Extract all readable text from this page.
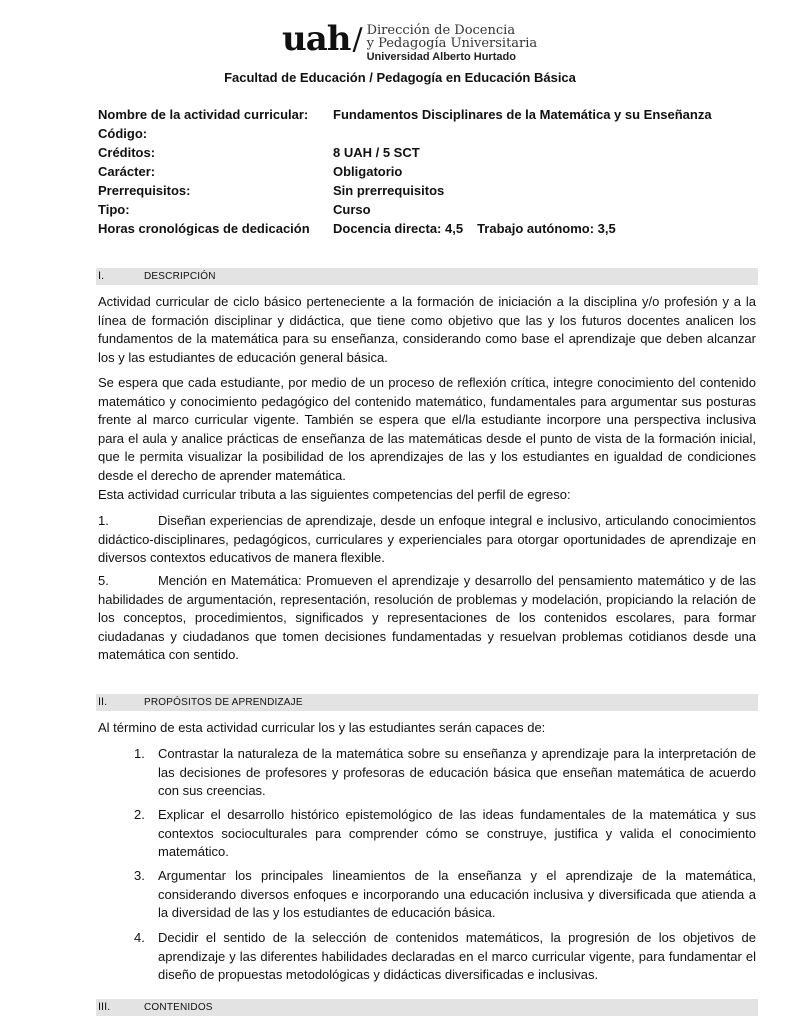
uah / Dirección de Docencia
y Pedagogía Universitaria
Universidad Alberto Hurtado
Facultad de Educación / Pedagogía en Educación Básica
Nombre de la actividad curricular:	Fundamentos Disciplinares de la Matemática y su Enseñanza
Código:
Créditos:	8 UAH / 5 SCT
Carácter:	Obligatorio
Prerrequisitos:	Sin prerrequisitos
Tipo:	Curso
Horas cronológicas de dedicación	Docencia directa: 4,5 Trabajo autónomo: 3,5
I.	DESCRIPCIÓN
Actividad curricular de ciclo básico perteneciente a la formación de iniciación a la disciplina y/o profesión y a la línea de formación disciplinar y didáctica, que tiene como objetivo que las y los futuros docentes analicen los fundamentos de la matemática para su enseñanza, considerando como base el aprendizaje que deben alcanzar los y las estudiantes de educación general básica.
Se espera que cada estudiante, por medio de un proceso de reflexión crítica, integre conocimiento del contenido matemático y conocimiento pedagógico del contenido matemático, fundamentales para argumentar sus posturas frente al marco curricular vigente. También se espera que el/la estudiante incorpore una perspectiva inclusiva para el aula y analice prácticas de enseñanza de las matemáticas desde el punto de vista de la formación inicial, que le permita visualizar la posibilidad de los aprendizajes de las y los estudiantes en igualdad de condiciones desde el derecho de aprender matemática.
Esta actividad curricular tributa a las siguientes competencias del perfil de egreso:
1.	Diseñan experiencias de aprendizaje, desde un enfoque integral e inclusivo, articulando conocimientos didáctico-disciplinares, pedagógicos, curriculares y experienciales para otorgar oportunidades de aprendizaje en diversos contextos educativos de manera flexible.
5.	Mención en Matemática: Promueven el aprendizaje y desarrollo del pensamiento matemático y de las habilidades de argumentación, representación, resolución de problemas y modelación, propiciando la relación de los conceptos, procedimientos, significados y representaciones de los contenidos escolares, para formar ciudadanas y ciudadanos que tomen decisiones fundamentadas y resuelvan problemas cotidianos desde una matemática con sentido.
II.	PROPÓSITOS DE APRENDIZAJE
Al término de esta actividad curricular los y las estudiantes serán capaces de:
1.	Contrastar la naturaleza de la matemática sobre su enseñanza y aprendizaje para la interpretación de las decisiones de profesores y profesoras de educación básica que enseñan matemática de acuerdo con sus creencias.
2.	Explicar el desarrollo histórico epistemológico de las ideas fundamentales de la matemática y sus contextos socioculturales para comprender cómo se construye, justifica y valida el conocimiento matemático.
3.	Argumentar los principales lineamientos de la enseñanza y el aprendizaje de la matemática, considerando diversos enfoques e incorporando una educación inclusiva y diversificada que atienda a la diversidad de las y los estudiantes de educación básica.
4.	Decidir el sentido de la selección de contenidos matemáticos, la progresión de los objetivos de aprendizaje y las diferentes habilidades declaradas en el marco curricular vigente, para fundamentar el diseño de propuestas metodológicas y didácticas diversificadas e inclusivas.
III.	CONTENIDOS
